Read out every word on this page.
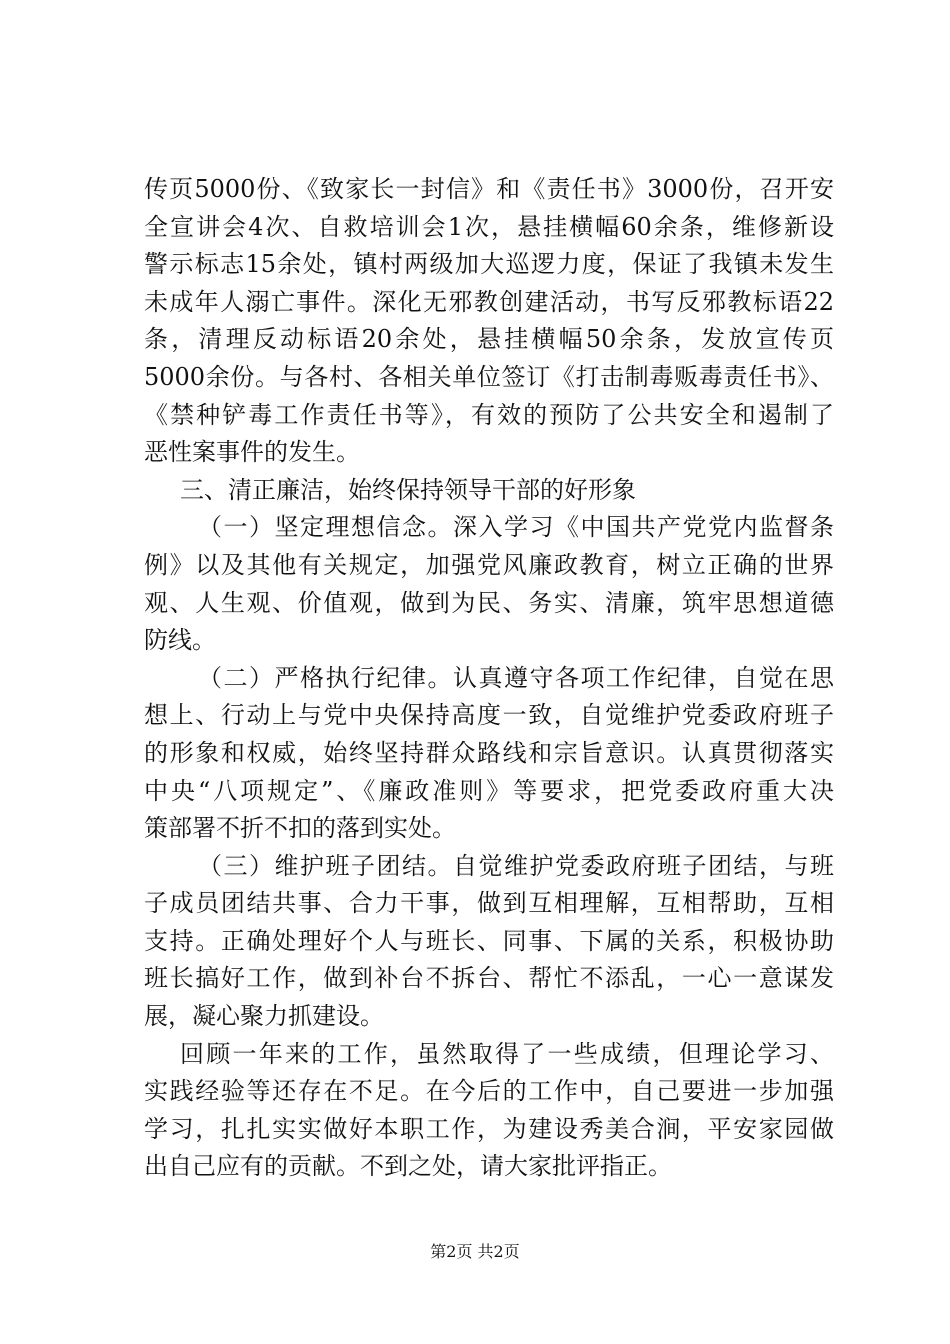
传页5000份、《致家长一封信》和《责任书》3000份，召开安
全宣讲会4次、自救培训会1次，悬挂横幅60余条，维修新设
警示标志15余处，镇村两级加大巡逻力度，保证了我镇未发生
未成年人溺亡事件。深化无邪教创建活动，书写反邪教标语22
条，清理反动标语20余处，悬挂横幅50余条，发放宣传页
5000余份。与各村、各相关单位签订《打击制毒贩毒责任书》、
《禁种铲毒工作责任书等》，有效的预防了公共安全和遏制了
恶性案事件的发生。
三、清正廉洁，始终保持领导干部的好形象
（一）坚定理想信念。深入学习《中国共产党党内监督条
例》以及其他有关规定，加强党风廉政教育，树立正确的世界
观、人生观、价值观，做到为民、务实、清廉，筑牢思想道德
防线。
（二）严格执行纪律。认真遵守各项工作纪律，自觉在思
想上、行动上与党中央保持高度一致，自觉维护党委政府班子
的形象和权威，始终坚持群众路线和宗旨意识。认真贯彻落实
中央“八项规定”、《廉政准则》等要求，把党委政府重大决
策部署不折不扣的落到实处。
（三）维护班子团结。自觉维护党委政府班子团结，与班
子成员团结共事、合力干事，做到互相理解，互相帮助，互相
支持。正确处理好个人与班长、同事、下属的关系，积极协助
班长搞好工作，做到补台不拆台、帮忙不添乱，一心一意谋发
展，凝心聚力抓建设。
回顾一年来的工作，虽然取得了一些成绩，但理论学习、
实践经验等还存在不足。在今后的工作中，自己要进一步加强
学习，扎扎实实做好本职工作，为建设秀美合涧，平安家园做
出自己应有的贡献。不到之处，请大家批评指正。
第2页 共2页
